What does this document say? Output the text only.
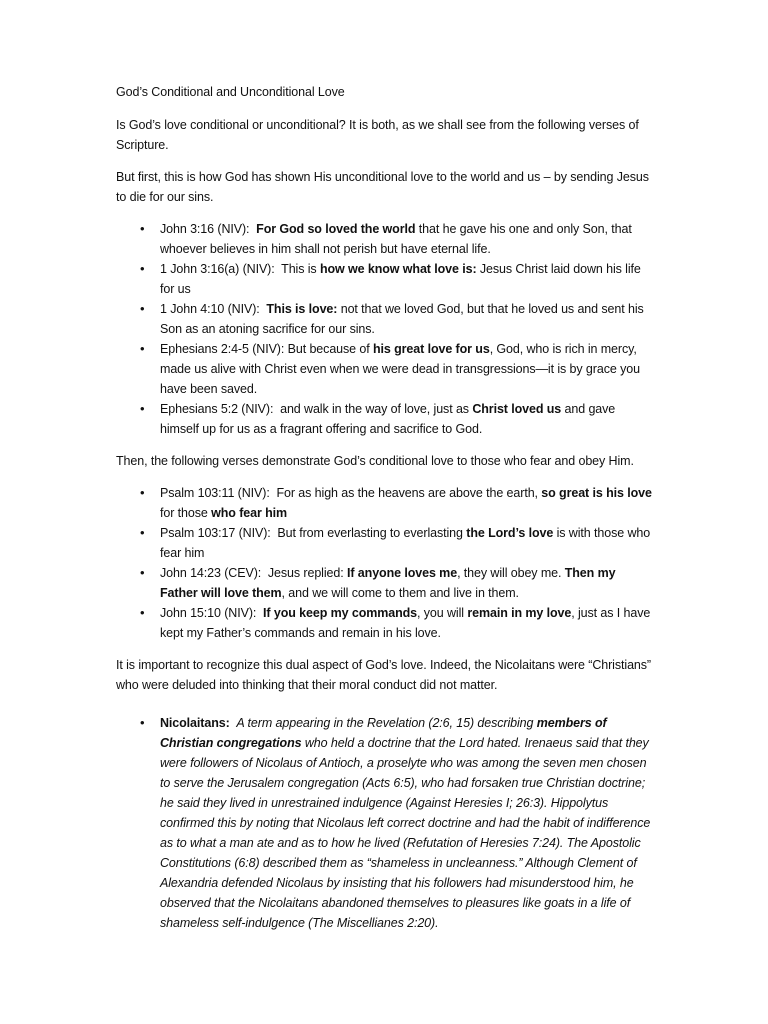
God’s Conditional and Unconditional Love

Is God’s love conditional or unconditional? It is both, as we shall see from the following verses of Scripture.

But first, this is how God has shown His unconditional love to the world and us – by sending Jesus to die for our sins.

• John 3:16 (NIV): For God so loved the world that he gave his one and only Son, that whoever believes in him shall not perish but have eternal life.
• 1 John 3:16(a) (NIV): This is how we know what love is: Jesus Christ laid down his life for us
• 1 John 4:10 (NIV): This is love: not that we loved God, but that he loved us and sent his Son as an atoning sacrifice for our sins.
• Ephesians 2:4-5 (NIV): But because of his great love for us, God, who is rich in mercy, made us alive with Christ even when we were dead in transgressions—it is by grace you have been saved.
• Ephesians 5:2 (NIV): and walk in the way of love, just as Christ loved us and gave himself up for us as a fragrant offering and sacrifice to God.

Then, the following verses demonstrate God’s conditional love to those who fear and obey Him.

• Psalm 103:11 (NIV): For as high as the heavens are above the earth, so great is his love for those who fear him
• Psalm 103:17 (NIV): But from everlasting to everlasting the Lord’s love is with those who fear him
• John 14:23 (CEV): Jesus replied: If anyone loves me, they will obey me. Then my Father will love them, and we will come to them and live in them.
• John 15:10 (NIV): If you keep my commands, you will remain in my love, just as I have kept my Father’s commands and remain in his love.

It is important to recognize this dual aspect of God’s love. Indeed, the Nicolaitans were “Christians” who were deluded into thinking that their moral conduct did not matter.

• Nicolaitans: A term appearing in the Revelation (2:6, 15) describing members of Christian congregations who held a doctrine that the Lord hated. Irenaeus said that they were followers of Nicolaus of Antioch, a proselyte who was among the seven men chosen to serve the Jerusalem congregation (Acts 6:5), who had forsaken true Christian doctrine; he said they lived in unrestrained indulgence (Against Heresies I; 26:3). Hippolytus confirmed this by noting that Nicolaus left correct doctrine and had the habit of indifference as to what a man ate and as to how he lived (Refutation of Heresies 7:24). The Apostolic Constitutions (6:8) described them as “shameless in uncleanness.” Although Clement of Alexandria defended Nicolaus by insisting that his followers had misunderstood him, he observed that the Nicolaitans abandoned themselves to pleasures like goats in a life of shameless self-indulgence (The Miscellianes 2:20).
